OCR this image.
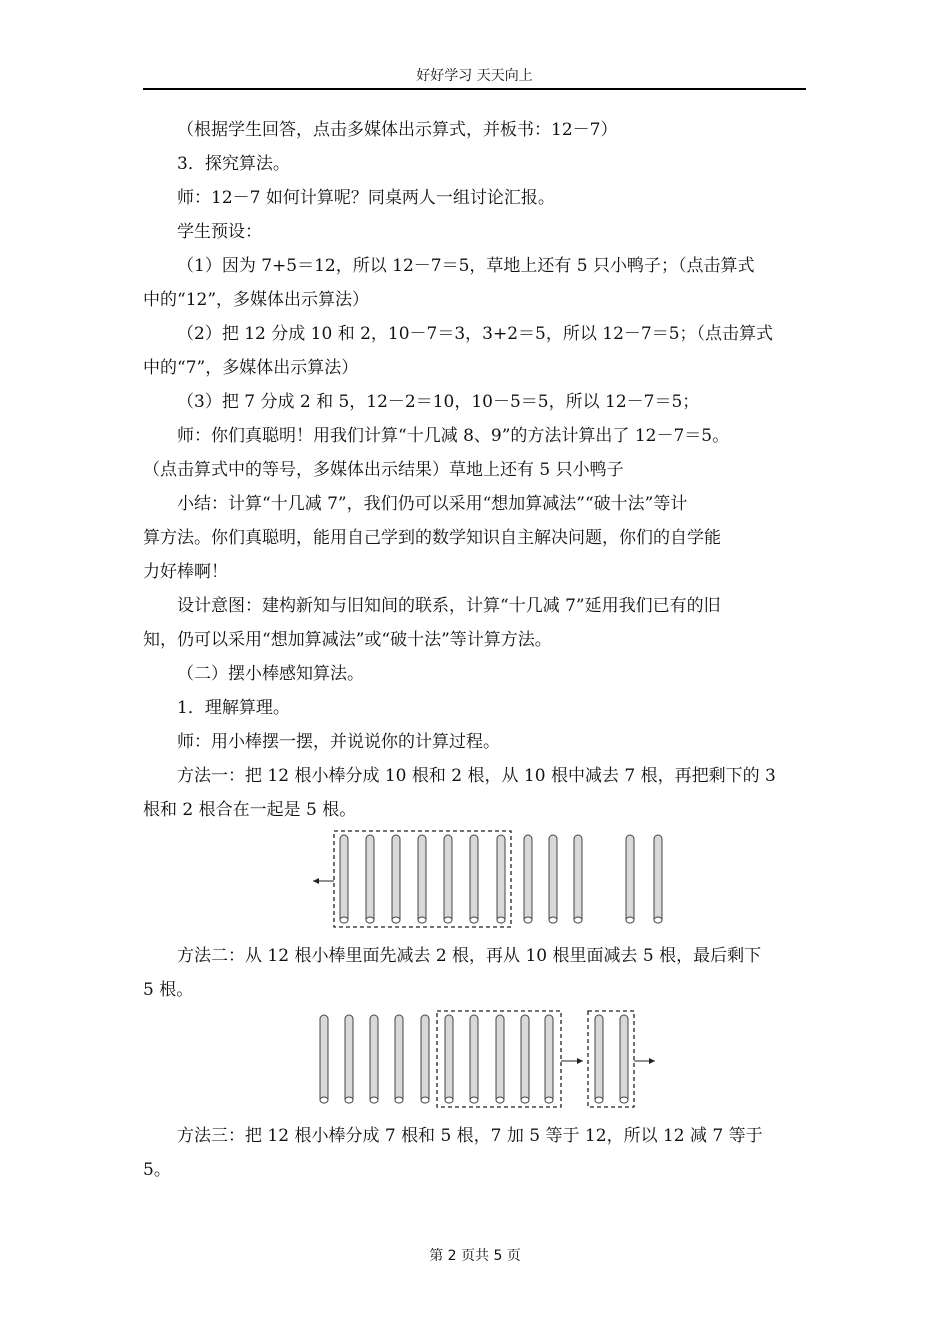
好好学习 天天向上

（根据学生回答，点击多媒体出示算式，并板书：12－7）

3．探究算法。

师：12－7 如何计算呢？同桌两人一组讨论汇报。

学生预设：

（1）因为 7+5＝12，所以 12－7＝5，草地上还有 5 只小鸭子；（点击算式

中的“12”，多媒体出示算法）

（2）把 12 分成 10 和 2，10－7＝3，3+2＝5，所以 12－7＝5；（点击算式

中的“7”，多媒体出示算法）

（3）把 7 分成 2 和 5，12－2＝10，10－5＝5，所以 12－7＝5；

师：你们真聪明！用我们计算“十几减 8、9”的方法计算出了 12－7＝5。

（点击算式中的等号，多媒体出示结果）草地上还有 5 只小鸭子

小结：计算“十几减 7”，我们仍可以采用“想加算减法”“破十法”等计

算方法。你们真聪明，能用自己学到的数学知识自主解决问题，你们的自学能

力好棒啊！

设计意图：建构新知与旧知间的联系，计算“十几减 7”延用我们已有的旧

知，仍可以采用“想加算减法”或“破十法”等计算方法。

（二）摆小棒感知算法。

1．理解算理。

师：用小棒摆一摆，并说说你的计算过程。

方法一：把 12 根小棒分成 10 根和 2 根，从 10 根中减去 7 根，再把剩下的 3

根和 2 根合在一起是 5 根。

方法二：从 12 根小棒里面先减去 2 根，再从 10 根里面减去 5 根，最后剩下

5 根。

方法三：把 12 根小棒分成 7 根和 5 根，7 加 5 等于 12，所以 12 减 7 等于

5。

第 2 页共 5 页
